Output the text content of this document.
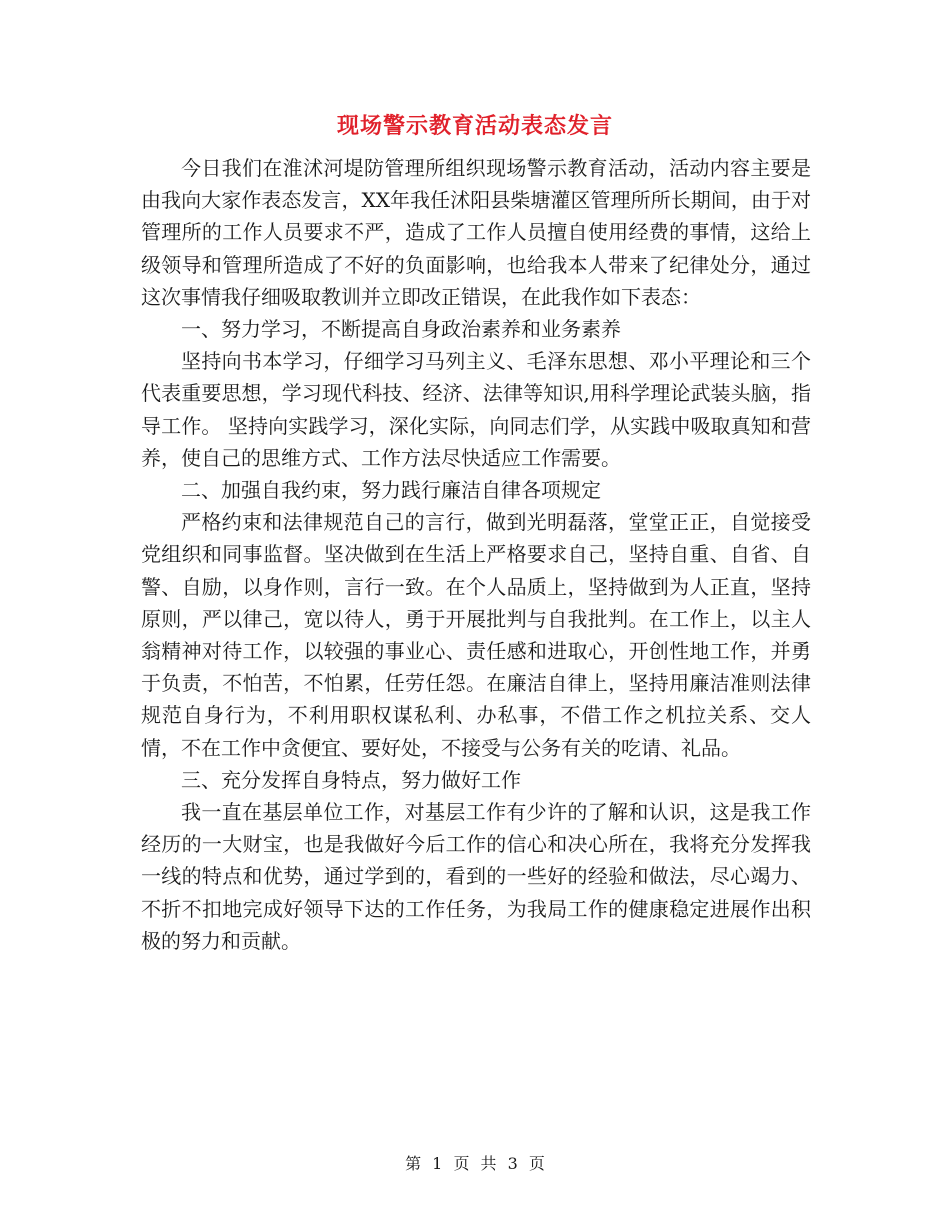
现场警示教育活动表态发言

今日我们在淮沭河堤防管理所组织现场警示教育活动，活动内容主要是由我向大家作表态发言，XX年我任沭阳县柴塘灌区管理所所长期间，由于对管理所的工作人员要求不严，造成了工作人员擅自使用经费的事情，这给上级领导和管理所造成了不好的负面影响，也给我本人带来了纪律处分，通过这次事情我仔细吸取教训并立即改正错误，在此我作如下表态：

一、努力学习，不断提高自身政治素养和业务素养

坚持向书本学习，仔细学习马列主义、毛泽东思想、邓小平理论和三个代表重要思想，学习现代科技、经济、法律等知识,用科学理论武装头脑，指导工作。 坚持向实践学习，深化实际，向同志们学，从实践中吸取真知和营养，使自己的思维方式、工作方法尽快适应工作需要。

二、加强自我约束，努力践行廉洁自律各项规定

严格约束和法律规范自己的言行，做到光明磊落，堂堂正正，自觉接受党组织和同事监督。坚决做到在生活上严格要求自己，坚持自重、自省、自警、自励，以身作则，言行一致。在个人品质上，坚持做到为人正直，坚持原则，严以律己，宽以待人，勇于开展批判与自我批判。在工作上，以主人翁精神对待工作，以较强的事业心、责任感和进取心，开创性地工作，并勇于负责，不怕苦，不怕累，任劳任怨。在廉洁自律上，坚持用廉洁准则法律规范自身行为，不利用职权谋私利、办私事，不借工作之机拉关系、交人情，不在工作中贪便宜、要好处，不接受与公务有关的吃请、礼品。

三、充分发挥自身特点，努力做好工作

我一直在基层单位工作，对基层工作有少许的了解和认识，这是我工作经历的一大财宝，也是我做好今后工作的信心和决心所在，我将充分发挥我一线的特点和优势，通过学到的，看到的一些好的经验和做法，尽心竭力、不折不扣地完成好领导下达的工作任务，为我局工作的健康稳定进展作出积极的努力和贡献。

第 1 页 共 3 页
